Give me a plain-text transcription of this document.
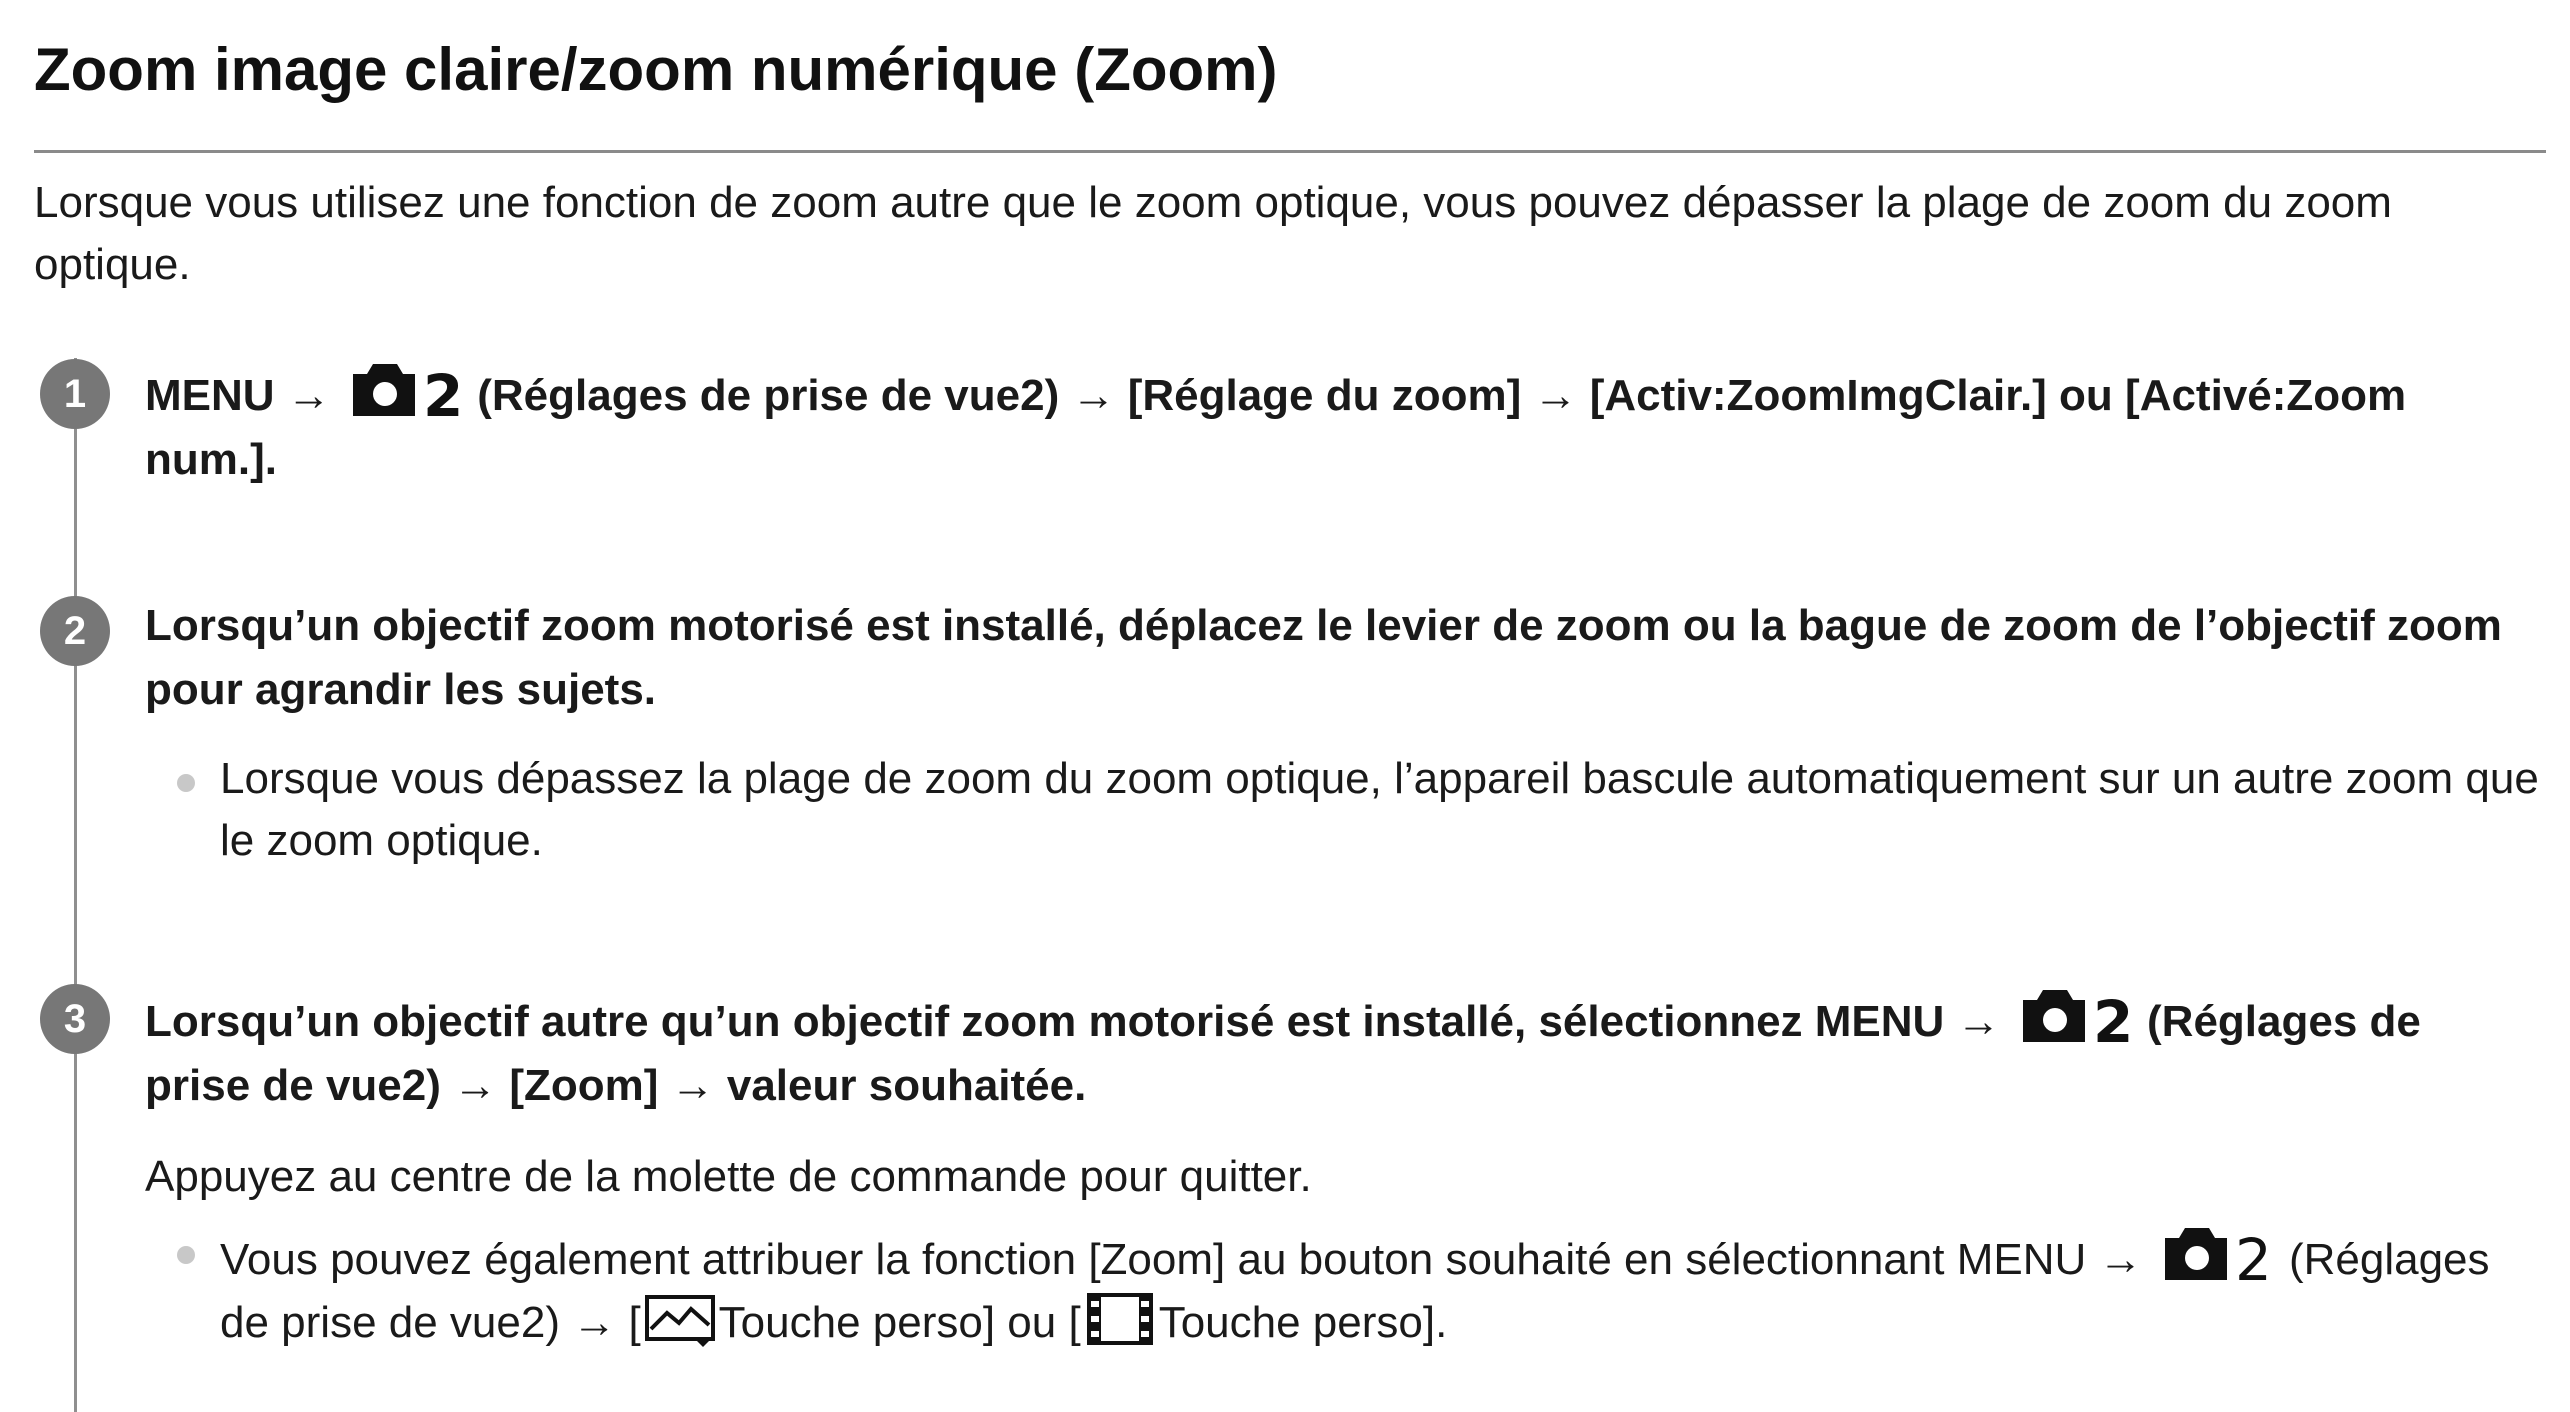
Zoom image claire/zoom numérique (Zoom)

Lorsque vous utilisez une fonction de zoom autre que le zoom optique, vous pouvez dépasser la plage de zoom du zoom optique.

1	MENU → 2 (Réglages de prise de vue2) → [Réglage du zoom] → [Activ:ZoomImgClair.] ou [Activé:Zoom num.].

2	Lorsqu’un objectif zoom motorisé est installé, déplacez le levier de zoom ou la bague de zoom de l’objectif zoom pour agrandir les sujets.

Lorsque vous dépassez la plage de zoom du zoom optique, l’appareil bascule automatiquement sur un autre zoom que le zoom optique.

3	Lorsqu’un objectif autre qu’un objectif zoom motorisé est installé, sélectionnez MENU → 2 (Réglages de prise de vue2) → [Zoom] → valeur souhaitée.

Appuyez au centre de la molette de commande pour quitter.

Vous pouvez également attribuer la fonction [Zoom] au bouton souhaité en sélectionnant MENU → 2 (Réglages de prise de vue2) → [ Touche perso] ou [ Touche perso].
